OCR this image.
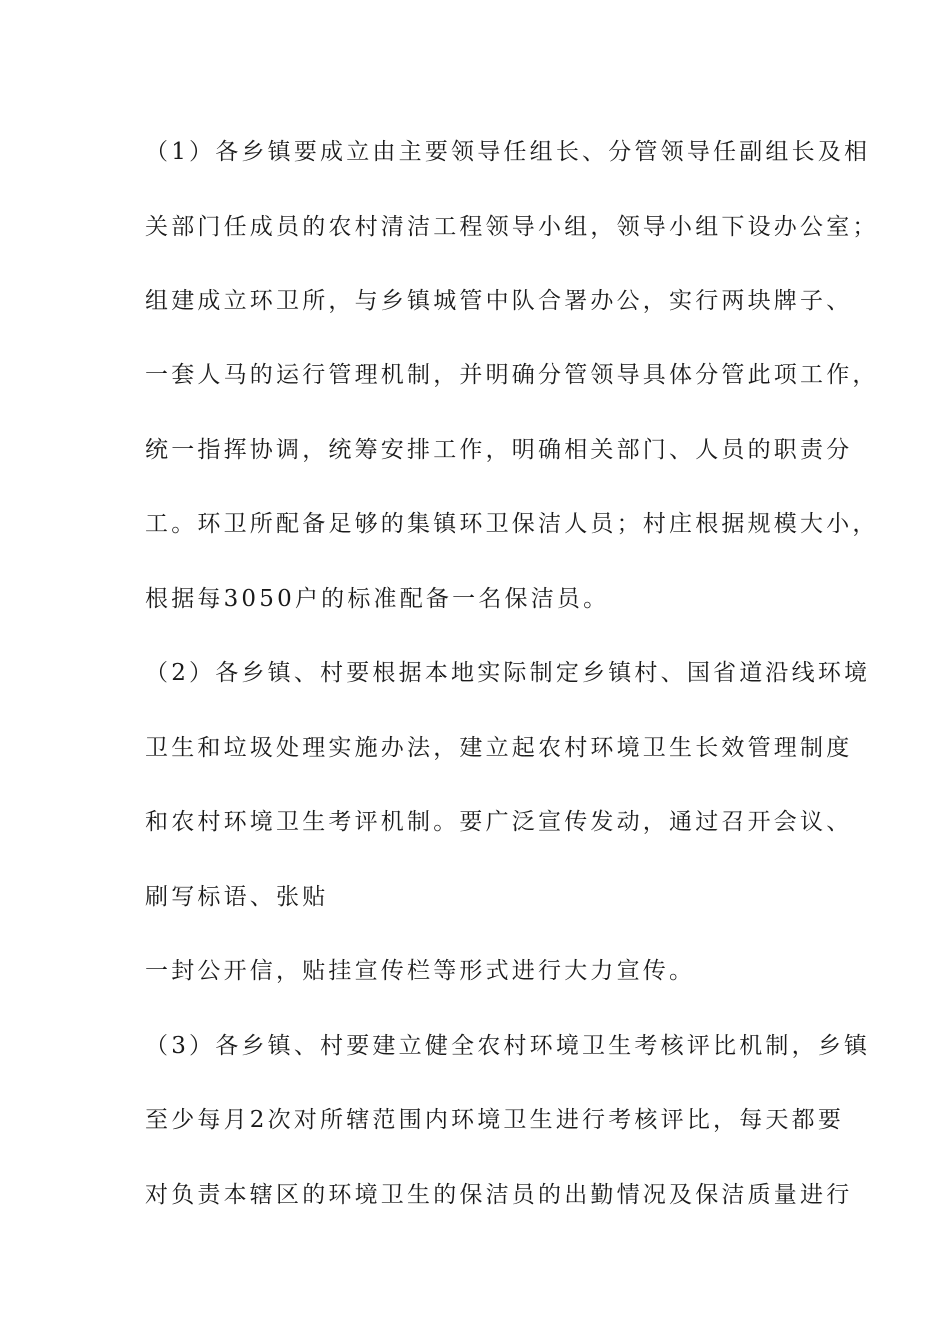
（1）各乡镇要成立由主要领导任组长、分管领导任副组长及相
关部门任成员的农村清洁工程领导小组，领导小组下设办公室；
组建成立环卫所，与乡镇城管中队合署办公，实行两块牌子、
一套人马的运行管理机制，并明确分管领导具体分管此项工作，
统一指挥协调，统筹安排工作，明确相关部门、人员的职责分
工。环卫所配备足够的集镇环卫保洁人员；村庄根据规模大小，
根据每3050户的标准配备一名保洁员。
（2）各乡镇、村要根据本地实际制定乡镇村、国省道沿线环境
卫生和垃圾处理实施办法，建立起农村环境卫生长效管理制度
和农村环境卫生考评机制。要广泛宣传发动，通过召开会议、
刷写标语、张贴
一封公开信，贴挂宣传栏等形式进行大力宣传。
（3）各乡镇、村要建立健全农村环境卫生考核评比机制，乡镇
至少每月2次对所辖范围内环境卫生进行考核评比，每天都要
对负责本辖区的环境卫生的保洁员的出勤情况及保洁质量进行
